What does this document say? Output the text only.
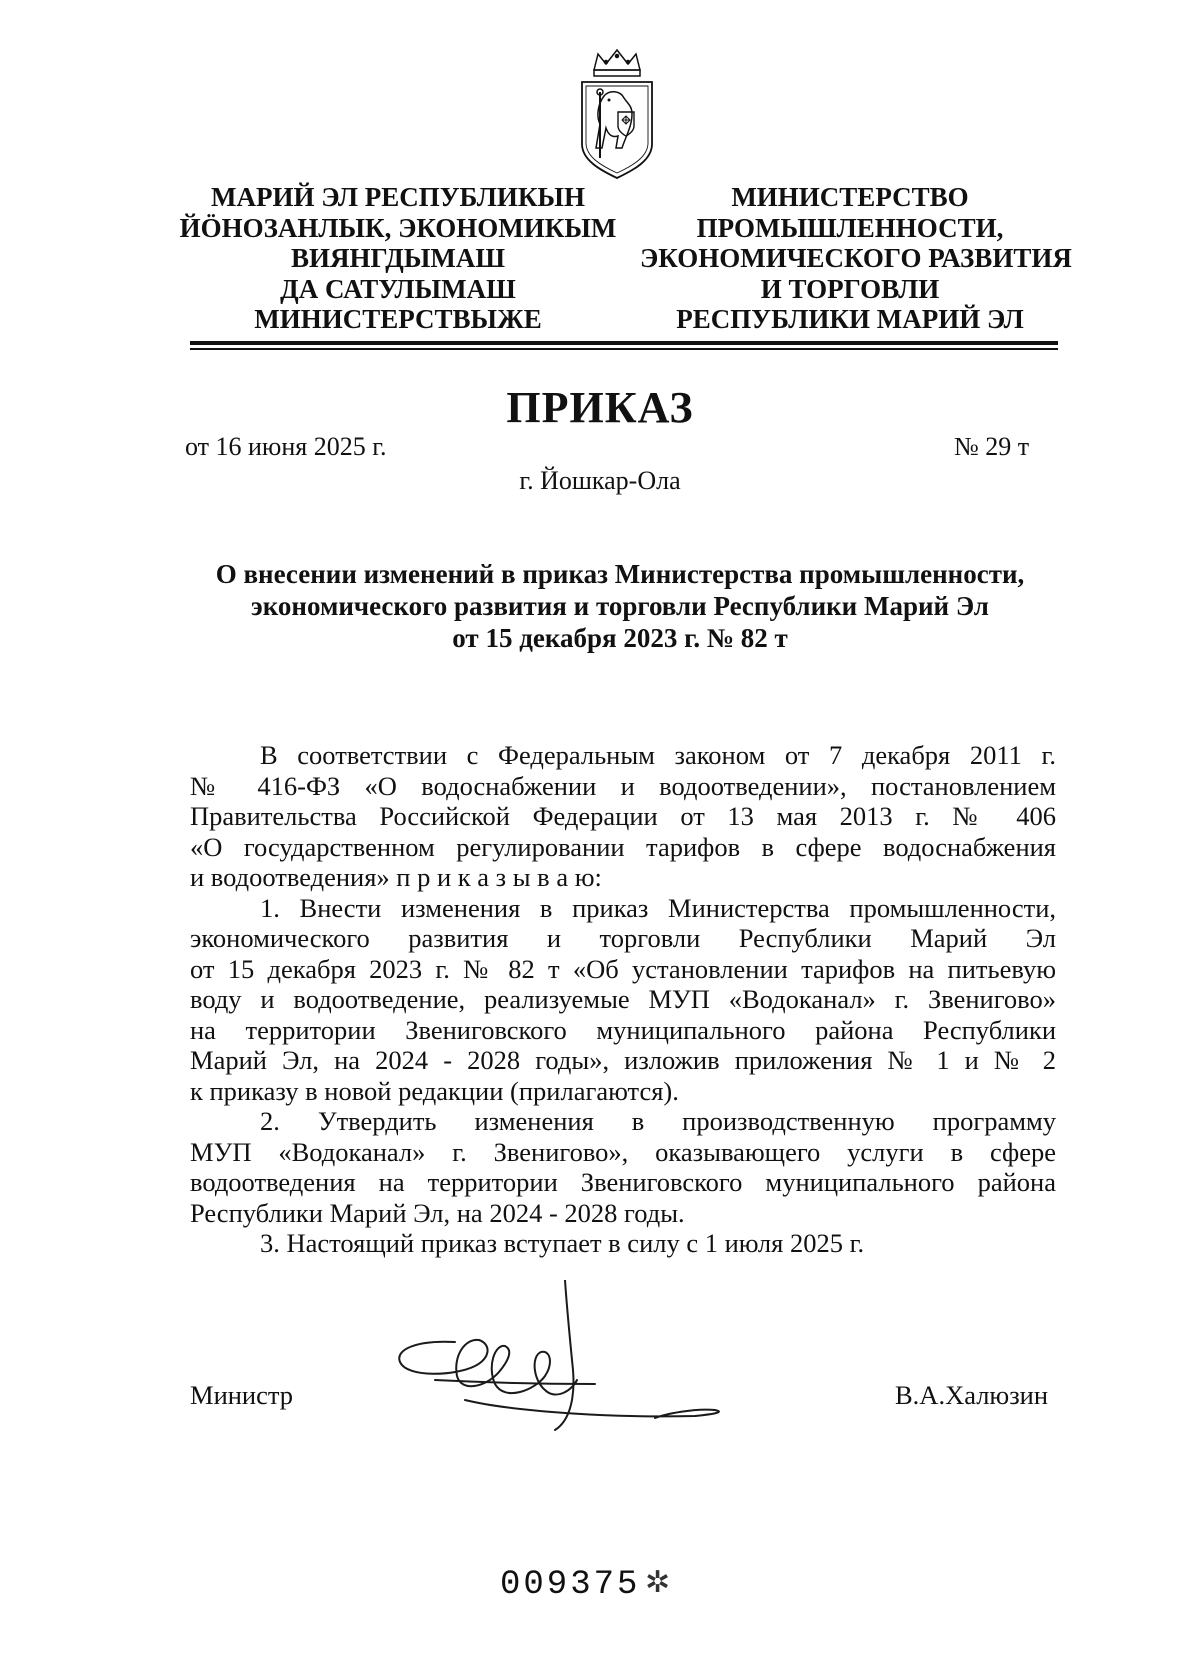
МАРИЙ ЭЛ РЕСПУБЛИКЫН
ЙӦНОЗАНЛЫК, ЭКОНОМИКЫМ
ВИЯНГДЫМАШ
ДА САТУЛЫМАШ
МИНИСТЕРСТВЫЖЕ
МИНИСТЕРСТВО
ПРОМЫШЛЕННОСТИ,
ЭКОНОМИЧЕСКОГО РАЗВИТИЯ
И ТОРГОВЛИ
РЕСПУБЛИКИ МАРИЙ ЭЛ
ПРИКАЗ
от 16 июня 2025 г.	№ 29 т
г. Йошкар-Ола
О внесении изменений в приказ Министерства промышленности,
экономического развития и торговли Республики Марий Эл
от 15 декабря 2023 г. № 82 т

В соответствии с Федеральным законом от 7 декабря 2011 г.
№ 416-ФЗ «О водоснабжении и водоотведении», постановлением
Правительства Российской Федерации от 13 мая 2013 г. № 406
«О государственном регулировании тарифов в сфере водоснабжения
и водоотведения» п р и к а з ы в а ю:

1. Внести изменения в приказ Министерства промышленности,
экономического развития и торговли Республики Марий Эл
от 15 декабря 2023 г. № 82 т «Об установлении тарифов на питьевую
воду и водоотведение, реализуемые МУП «Водоканал» г. Звенигово»
на территории Звениговского муниципального района Республики
Марий Эл, на 2024 - 2028 годы», изложив приложения № 1 и № 2
к приказу в новой редакции (прилагаются).

2. Утвердить изменения в производственную программу
МУП «Водоканал» г. Звенигово», оказывающего услуги в сфере
водоотведения на территории Звениговского муниципального района
Республики Марий Эл, на 2024 - 2028 годы.

3. Настоящий приказ вступает в силу с 1 июля 2025 г.

Министр	В.А.Халюзин
009375 ✲
